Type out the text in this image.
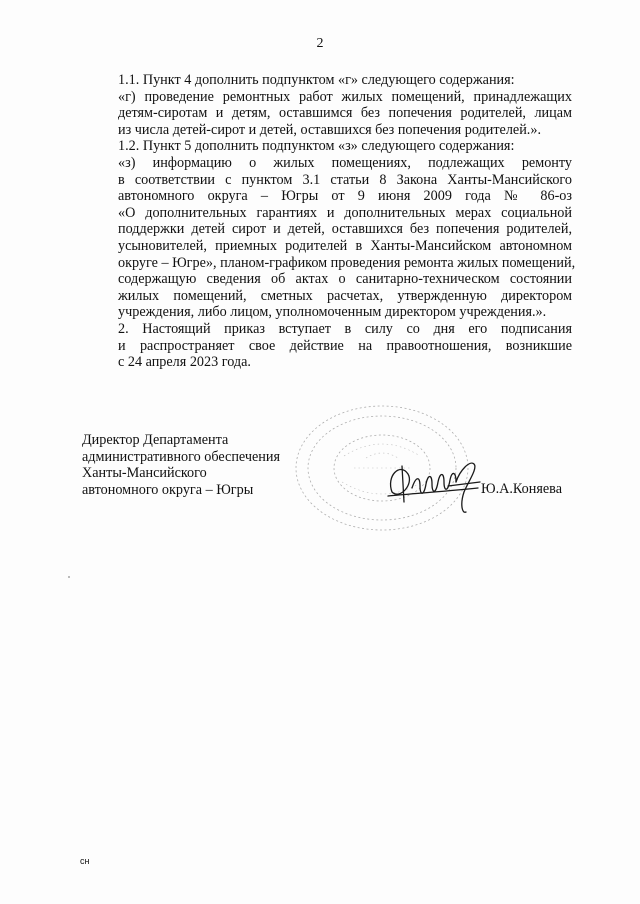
2

1.1. Пункт 4 дополнить подпунктом «г» следующего содержания:

«г) проведение ремонтных работ жилых помещений, принадлежащих
детям-сиротам и детям, оставшимся без попечения родителей, лицам
из числа детей-сирот и детей, оставшихся без попечения родителей.».
1.2. Пункт 5 дополнить подпунктом «з» следующего содержания:

«з) информацию о жилых помещениях, подлежащих ремонту
в соответствии с пунктом 3.1 статьи 8 Закона Ханты-Мансийского
автономного округа – Югры от 9 июня 2009 года № 86-оз
«О дополнительных гарантиях и дополнительных мерах социальной
поддержки детей сирот и детей, оставшихся без попечения родителей,
усыновителей, приемных родителей в Ханты-Мансийском автономном
округе – Югре», планом-графиком проведения ремонта жилых помещений,
содержащую сведения об актах о санитарно-техническом состоянии
жилых помещений, сметных расчетах, утвержденную директором
учреждения, либо лицом, уполномоченным директором учреждения.».

2. Настоящий приказ вступает в силу со дня его подписания
и распространяет свое действие на правоотношения, возникшие
с 24 апреля 2023 года.

Директор Департамента
административного обеспечения
Ханты-Мансийского
автономного округа – Югры	Ю.А.Коняева
сн
